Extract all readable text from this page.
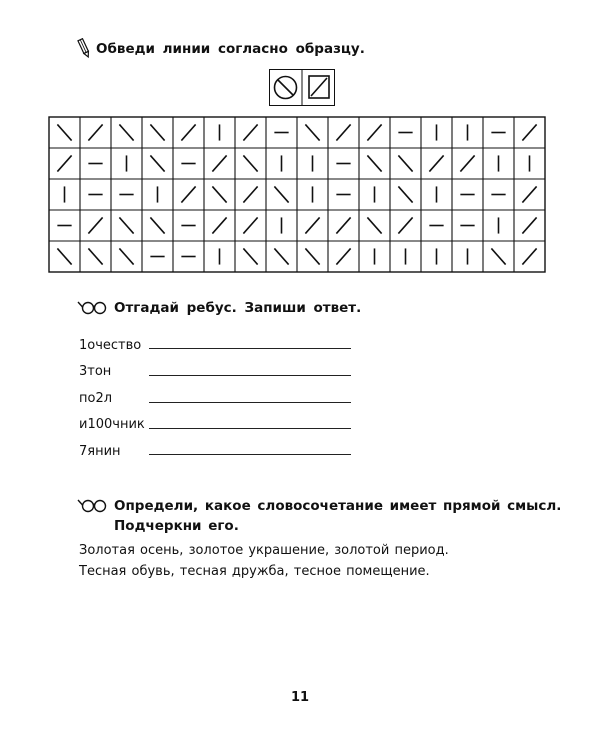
Обведи линии согласно образцу.
Отгадай ребус. Запиши ответ.
1очество
3тон
по2л
и100чник
7янин
Определи, какое словосочетание имеет прямой смысл.
Подчеркни его.
Золотая осень, золотое украшение, золотой период.
Тесная обувь, тесная дружба, тесное помещение.
11
